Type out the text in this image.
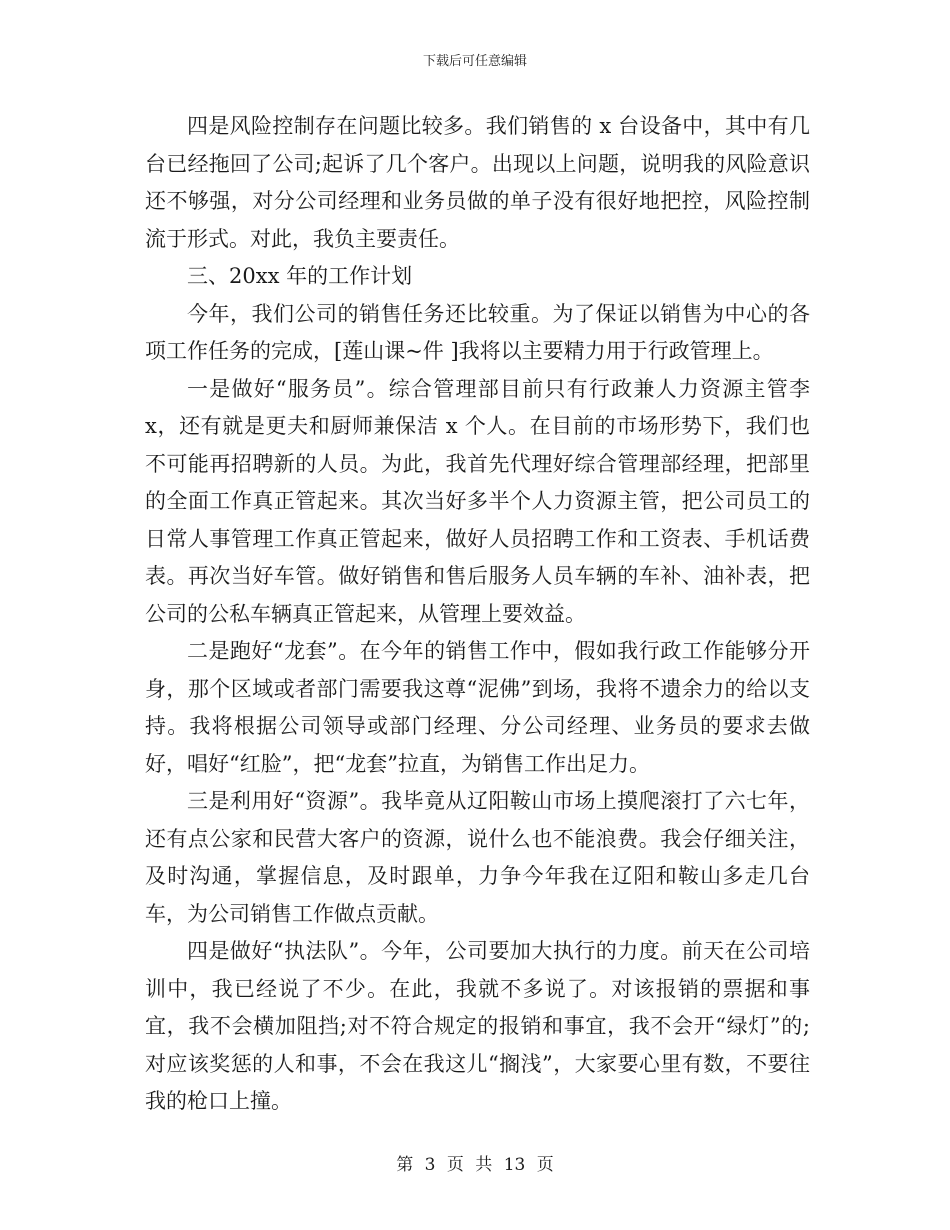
下载后可任意编辑

四是风险控制存在问题比较多。我们销售的 x 台设备中，其中有几台已经拖回了公司;起诉了几个客户。出现以上问题，说明我的风险意识还不够强，对分公司经理和业务员做的单子没有很好地把控，风险控制流于形式。对此，我负主要责任。

三、20xx 年的工作计划

今年，我们公司的销售任务还比较重。为了保证以销售为中心的各项工作任务的完成，[莲山课~件 ]我将以主要精力用于行政管理上。

一是做好“服务员”。综合管理部目前只有行政兼人力资源主管李 x，还有就是更夫和厨师兼保洁 x 个人。在目前的市场形势下，我们也不可能再招聘新的人员。为此，我首先代理好综合管理部经理，把部里的全面工作真正管起来。其次当好多半个人力资源主管，把公司员工的日常人事管理工作真正管起来，做好人员招聘工作和工资表、手机话费表。再次当好车管。做好销售和售后服务人员车辆的车补、油补表，把公司的公私车辆真正管起来，从管理上要效益。

二是跑好“龙套”。在今年的销售工作中，假如我行政工作能够分开身，那个区域或者部门需要我这尊“泥佛”到场，我将不遗余力的给以支持。我将根据公司领导或部门经理、分公司经理、业务员的要求去做好，唱好“红脸”，把“龙套”拉直，为销售工作出足力。

三是利用好“资源”。我毕竟从辽阳鞍山市场上摸爬滚打了六七年，还有点公家和民营大客户的资源，说什么也不能浪费。我会仔细关注，及时沟通，掌握信息，及时跟单，力争今年我在辽阳和鞍山多走几台车，为公司销售工作做点贡献。

四是做好“执法队”。今年，公司要加大执行的力度。前天在公司培训中，我已经说了不少。在此，我就不多说了。对该报销的票据和事宜，我不会横加阻挡;对不符合规定的报销和事宜，我不会开“绿灯”的;对应该奖惩的人和事，不会在我这儿“搁浅”，大家要心里有数，不要往我的枪口上撞。

第 3 页 共 13 页
